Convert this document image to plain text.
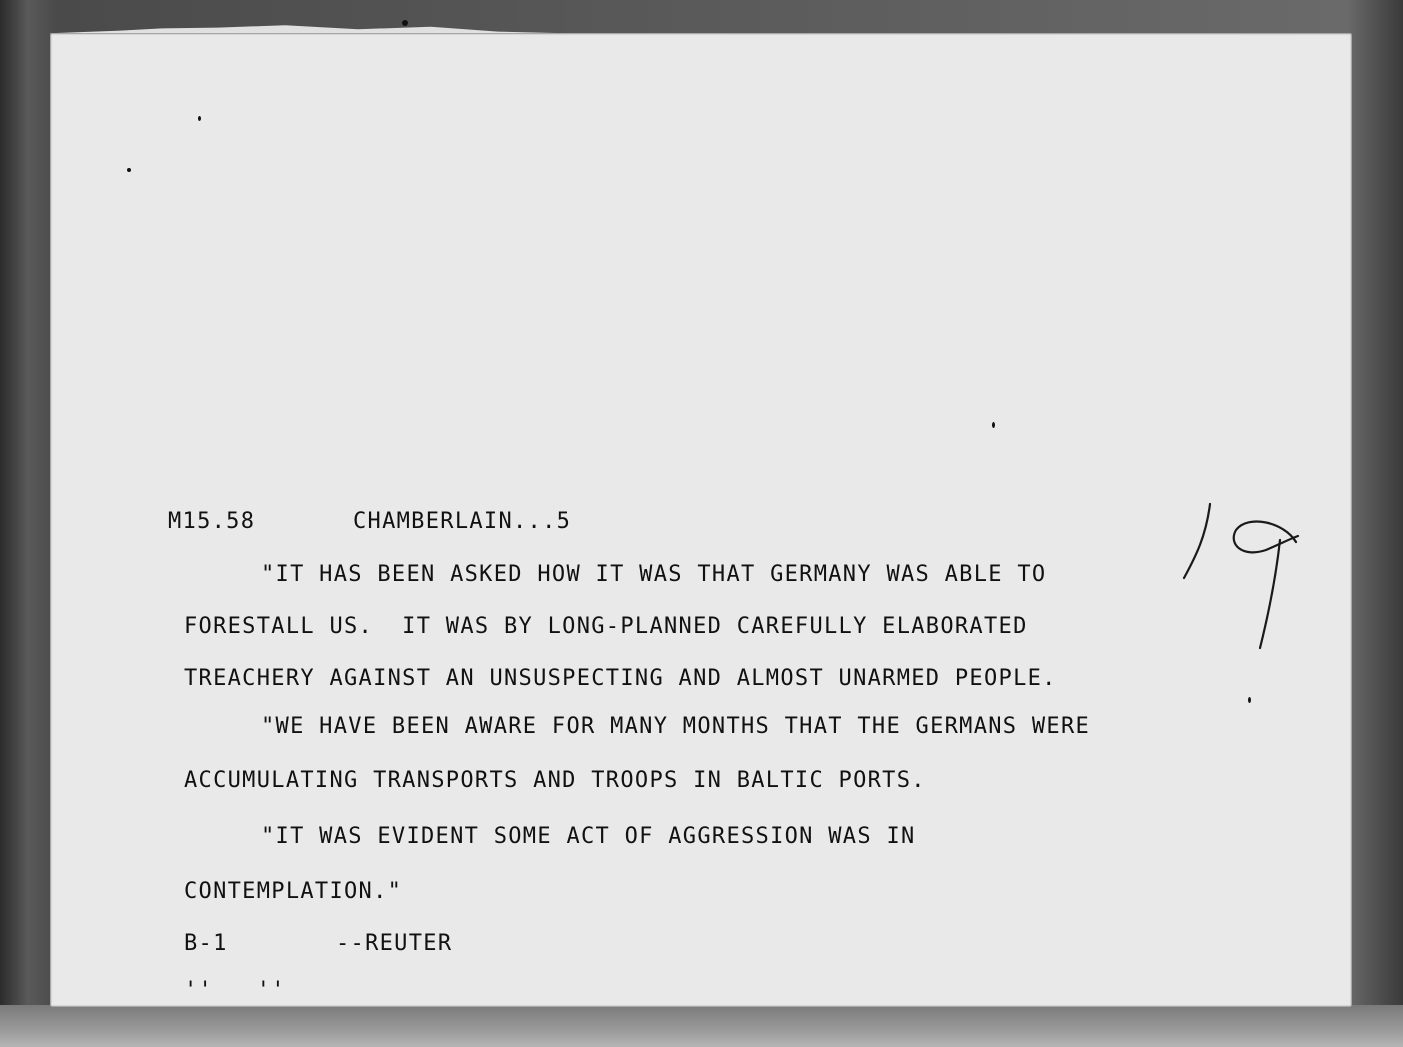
M15.58	CHAMBERLAIN...5

"IT HAS BEEN ASKED HOW IT WAS THAT GERMANY WAS ABLE TO

FORESTALL US.  IT WAS BY LONG-PLANNED CAREFULLY ELABORATED

TREACHERY AGAINST AN UNSUSPECTING AND ALMOST UNARMED PEOPLE.

"WE HAVE BEEN AWARE FOR MANY MONTHS THAT THE GERMANS WERE

ACCUMULATING TRANSPORTS AND TROOPS IN BALTIC PORTS.

"IT WAS EVIDENT SOME ACT OF AGGRESSION WAS IN

CONTEMPLATION."

B-1	--REUTER

''   ''
